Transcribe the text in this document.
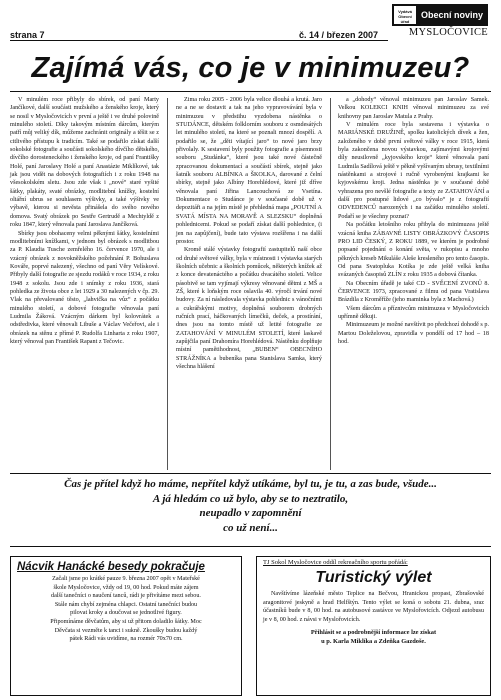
Vydává Obecní úřad
Obecní noviny
MYSLOČOVICE
strana 7	č. 14 / březen 2007
Zajímá vás, co je v minimuzeu?

V minulém roce přibyly do sbírek, od paní Marty Jančíkové, další součásti mužského a ženského kroje, který se nosil v Mysločovicích v první a ještě i ve druhé polovině minulého století. Díky takovým místním dárcům, kterým patří můj veliký dík, můžeme zachránit originály a těšit se z citlivého přístupu k tradicím. Také se podařilo získat další sokolské fotografie a součásti sokolského dívčího dětského, dívčího dorosteneckého i ženského kroje, od paní Františky Holé, paní Jaroslavy Holé a paní Anastázie Miklíkové, tak jak jsou vidět na dobových fotografiích i z roku 1948 na všesokolském sletu. Jsou zde však i „nové“ staré vyšité šátky, plakáty, svaté obrázky, modlitební knížky, kostelní oltářní ubrus se souhlasem výšivky, a také výšivky ve výbavě, kterou si nevěsta přinášela do svého nového domova. Svatý obrázek po Sestře Gertrudě a Mechtyldě z roku 1847, který věnovala paní Jaroslava Jančíková.

Sbírky jsou obohaceny velmi pěknými šátky, kostelními modlitebními knížkami, v jednom byl obrázek s modlitbou za P. Klaudia Tusche zemřelého 16. července 1970, ale i vzácný obrázek z novokněžského požehnání P. Bohuslava Kováře, poprvé nalezený, všechno od paní Věry Velískové. Přibyly další fotografie ze sjezdu rodáků v roce 1934, z roku 1948 z sokolu. Jsou zde i snímky z roku 1936, stará pohledka ze života obce z let 1929 a 30 nalezených v čp. 29. Vlak na převalované těsto, „lahvička na vůz“ z počátku minulého století, a dobové fotografie věnovala paní Ludmila Žáková. Vzácným dárkem byl kolovrátek a odstředivka, které věnovali Libuše a Václav Večeřovi, ale i obrázek na stěnu z přímé P. Rudolfa Linharta z roku 1907, který věnoval pan František Rapant z Tečovic.

Zima roku 2005 - 2006 byla velice dlouhá a krutá. Jaro ne a ne se dostavit a tak na jeho vypravovávání byla v minimuzeu v předstihu vyzdobena nástěnka o STUDÁNCE, dětském folklorním souboru z osmdesátých let minulého století, na které se poznali mnozí dospělí. A podařilo se, že „děti vítající jaro“ to nové jaro brzy přivolaly. K sestavení byly použity fotografie a písemnosti souboru „Studánka“, které jsou také nové částečně zpracovanou dokumentací a součástí sbírek, stejně jako šatník souboru ALBÍNKA a ŠKOLKA, darované z čelní sbírky, stejně jako Albíny Horehlédové, které již dříve věnovala paní Jiřina Lancouchová ze Vsetína. Dokumentace o Studánce je v současné době už v depozitáři a na jejím místě je přehledná mapa „POUTNÍ A SVATÁ MÍSTA NA MORAVĚ A SLEZSKU“ doplněná pohlednicemi. Pokud se podaří získat další pohlednice, (i jen na zapůjčení), bude tato výstava rozšířena i na další prostor.

Kromě stálé výstavky fotografií zastupitelů naší obce od druhé světové války, byla v místnosti i výstavka starých školních učebnic a školních pomůcek, některých knížek až z konce devatenáctého a počátku dvacátého století. Velice pásobivě se tam vyjímají výkresy věnované dětmi z MŠ a ZŠ, které k loňským roce oslavila 40. výročí trvání nové budovy. Za ní následovala výstavka pohlednic s vánočními a cukrářskými motivy, doplněná souborem drobných ručních prací, háčkovaných límečků, deček, a prostírání, dnes jsou na tomto místě už letité fotografie ze ZATAHOVÁNÍ V MINULÉM STOLETÍ, které laskavě zapůjčila paní Drahomíra Horehlédová. Nástěnku doplňuje místní pamětihodnost, „BUBEN“ OBECNÍHO STRÁŽNÍKA a bubeníka pana Stanislava Samka, který všechna hlášení

a „dohody“ věnoval minimuzeu pan Jaroslav Samek. Velkou KOLEKCI KNIH věnoval minimuzeu za své knihovny pan Jaroslav Matula z Prahy.

V minulém roce byla sestavena i výstavka o MARIÁNSKÉ DRUŽINĚ, spolku katolických dívek a žen, založeného v době první světové války v roce 1915, která byla zakončena novou výstavkou, zajímavými krojovými díly neusilovně „kyjovského kroje“ které věnovala paní Ludmila Sadílová ještě v pěkně vyšívaným ubrusy, textilními nástěnkami a strojové i ručně vyrobenými krajkami ke kyjovskému kroji. Jedna nástěnka je v současné době vyhrazena pro nevšlé fotografie a texty ze ZATAHOVÁNÍ a další pro postupné lidové „co bývalo“ je z fotografií ODVEDENCŮ narozených i na začátku minulého století. Podaří se je všechny poznat?

Na počátku letošního roku přibyla do minimuzea ještě vzácná kniha ZÁBAVNÉ LISTY OBRÁZKOVÝ ČASOPIS PRO LID ČESKÝ, Z ROKU 1889, ve kterém je podrobné popsané pojednání o konání světa, v rukopisu a mnoho pěkných kreseb Mikuláše Aleše kresleného pro tento časopis. Od pana Svatopluka Kotíka je zde ještě velká kniha svázaných časopisů ZLÍN z roku 1935 a dobová čítanka.

Na Obecním úřadě je také CD - SVĚCENÍ ZVONŮ 8. ČERVENCE 1973, zpracované z filmu od pana Vratislava Brázdila z Kroměříže (jeho maminka byla z Machová.)

Všem dárcům a příznivcům minimuzea v Mysločovicích upřímně děkuji.

Minimuzeum je možné navštívit po předchozí dohodě s p. Martou Doleželovou, zpravidla v pondělí od 17 hod – 18 hod.

Čas je přítel když ho máme, nepřítel když utíkáme, byl tu, je tu, a zas bude, všude...
A já hledám co už bylo, aby se to neztratilo,
neupadlo v zapomnění
co už není...
Nácvik Hanácké besedy pokračuje
Začali jsme po krátké pauze 9. března 2007 opět v Mateřské
škole Mysločovice, vždy od 19, 00 hod. Pokud máte zájem
další tanečníci o naučení tanců, rádi je přivítáme mezi sebou.
Stále nám chybí zejména chlapci. Ostatní tanečníci budou
pilovat kroky a doučovat se jednotlivé figury.
Připomínáme děvčatům, aby si už přitom doladilo šátky. Moc
Děvčata si vezměte k tanci i sukně. Zkoušky budou každý
pátek Rádi vás uvidíme, na rozmér 70x70 cm.
TJ Sokol Mysločovice oddíl rekreačního sportu pořádá:
Turistický výlet

Navštívíme lázeňské město Teplice na Bečvou, Hranickou propast, Zbrašovské aragonitové jeskyně a hrad Helfštýn. Tento výlet se koná o sobotu 21. dubna, sraz účastníků bude v 8, 00 hod. na autobusové zastávce ve Myslořovicích. Odjezd autobusu je v 8, 00 hod. z návsi v Myslořovicích.

Přihlásit se a podrobnější informace lze získat
u p. Karla Miklíka a Zdeňka Gazdoše.
